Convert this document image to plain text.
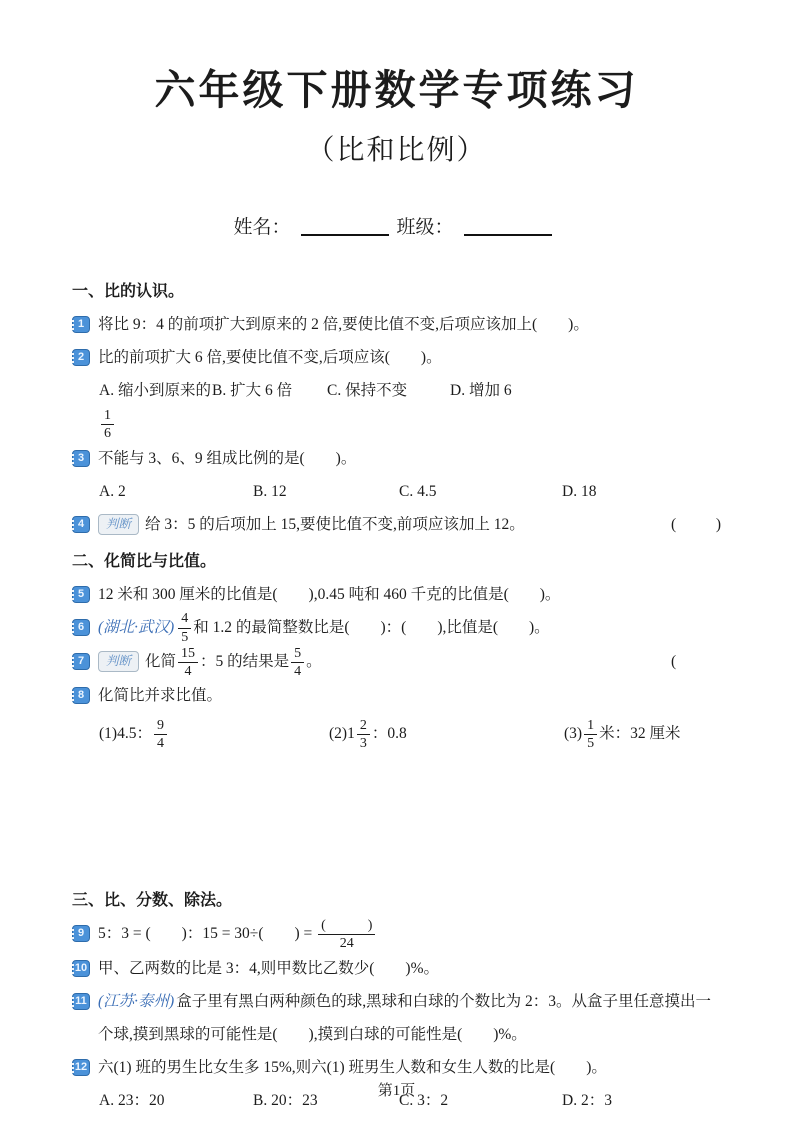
六年级下册数学专项练习
（比和比例）
姓名：	班级：
一、比的认识。
1 将比 9：4 的前项扩大到原来的 2 倍,要使比值不变,后项应该加上(　　)。
2 比的前项扩大 6 倍,要使比值不变,后项应该(　　)。
A. 缩小到原来的
$\frac{1}{6}$
B. 扩大 6 倍	C. 保持不变	D. 增加 6
3 不能与 3、6、9 组成比例的是(　　)。
A. 2	B. 12	C. 4.5	D. 18
4	判断 给 3：5 的后项加上 15,要使比值不变,前项应该加上 12。	(	)
二、化简比与比值。
5 12 米和 300 厘米的比值是(　　),0.45 吨和 460 千克的比值是(　　)。
6 (湖北·武汉) $\frac{4}{5}$ 和 1.2 的最简整数比是(　　)：(　　),比值是(　　)。
7	判断 化简 $\frac{15}{4}$ ：5 的结果是 $\frac{5}{4}$ 。	(
8 化简比并求比值。
(1)4.5： $\frac{9}{4}$	$(2)1 \frac{2}{3}$ ：0.8	$(3) \frac{1}{5}$ 米：32 厘米
三、比、分数、除法。
9 5：3 = (　　)：15 = 30÷(　　) = $\frac{( )}{24}$
10 甲、乙两数的比是 3：4,则甲数比乙数少(　　)%。
11 (江苏·泰州) 盒子里有黑白两种颜色的球,黑球和白球的个数比为 2：3。从盒子里任意摸出一个球,摸到黑球的可能性是(　　),摸到白球的可能性是(　　)%。
12 六(1) 班的男生比女生多 15%,则六(1) 班男生人数和女生人数的比是(　　)。
A. 23：20	B. 20：23	C. 3：2	D. 2：3
第1页
